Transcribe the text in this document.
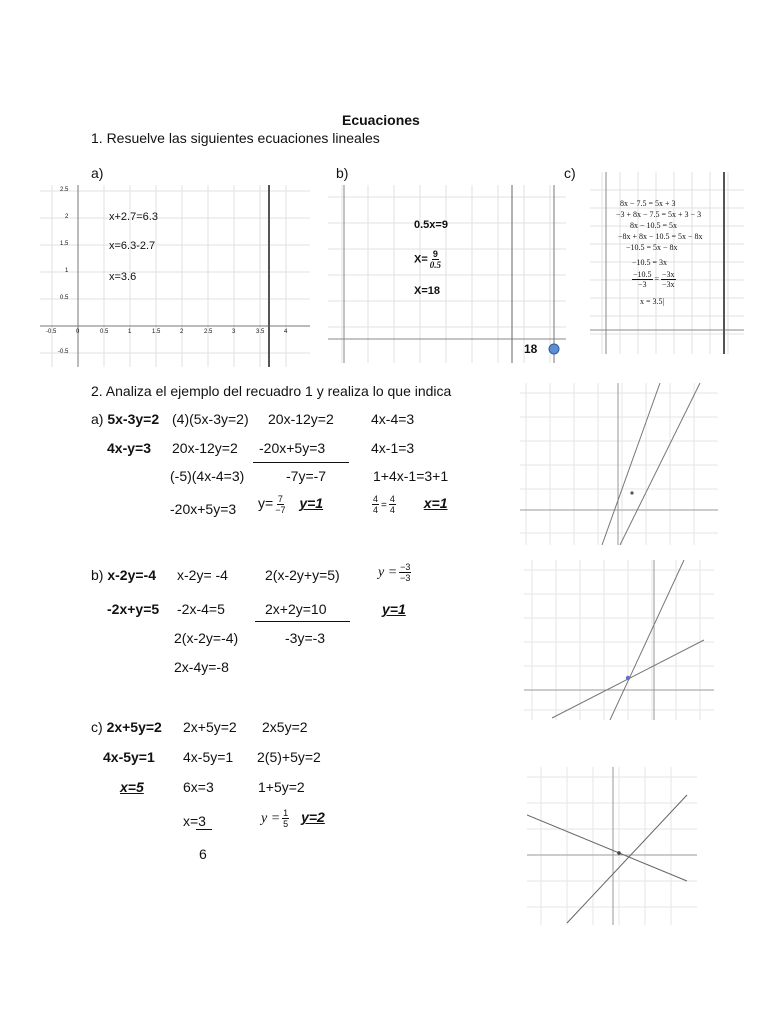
Ecuaciones
1. Resuelve las siguientes ecuaciones lineales
a)	b)	c)
2.5
2
1.5
1
0.5
-0.5
-0.5	0	0.5	1	1.5	2	2.5	3	3.5	4
x+2.7=6.3
x=6.3-2.7
x=3.6
0.5x=9
$X= \frac{9}{0.5}$
X=18
18
8x − 7.5 = 5x + 3
−3 + 8x − 7.5 = 5x + 3 − 3
8x − 10.5 = 5x
−8x + 8x − 10.5 = 5x − 8x
−10.5 = 5x − 8x
−10.5 = 3x
$\frac{-10.5}{-3} = \frac{-3x}{-3x}$
x = 3.5|
2. Analiza el ejemplo del recuadro 1 y realiza lo que indica
a) 5x-3y=2
4x-y=3
(4)(5x-3y=2) 20x-12y=2	4x-4=3
20x-12y=2 -20x+5y=3	4x-1=3
(-5)(4x-4=3)	-7y=-7	1+4x-1=3+1
-20x+5y=3 $y= \frac{7}{-7} y=1$	$\frac{4}{4} = \frac{4}{4} x=1$
b) x-2y=-4
-2x+y=5
x-2y= -4	2(x-2y+y=5)	$y = \frac{-3}{-3}$
-2x-4=5	2x+2y=10	y=1
2(x-2y=-4)	-3y=-3
2x-4y=-8
c) 2x+5y=2
4x-5y=1
x=5
2x+5y=2 2x5y=2
4x-5y=1 2(5)+5y=2
6x=3	1+5y=2
x=3
6
$y = \frac{1}{5} y=2$
